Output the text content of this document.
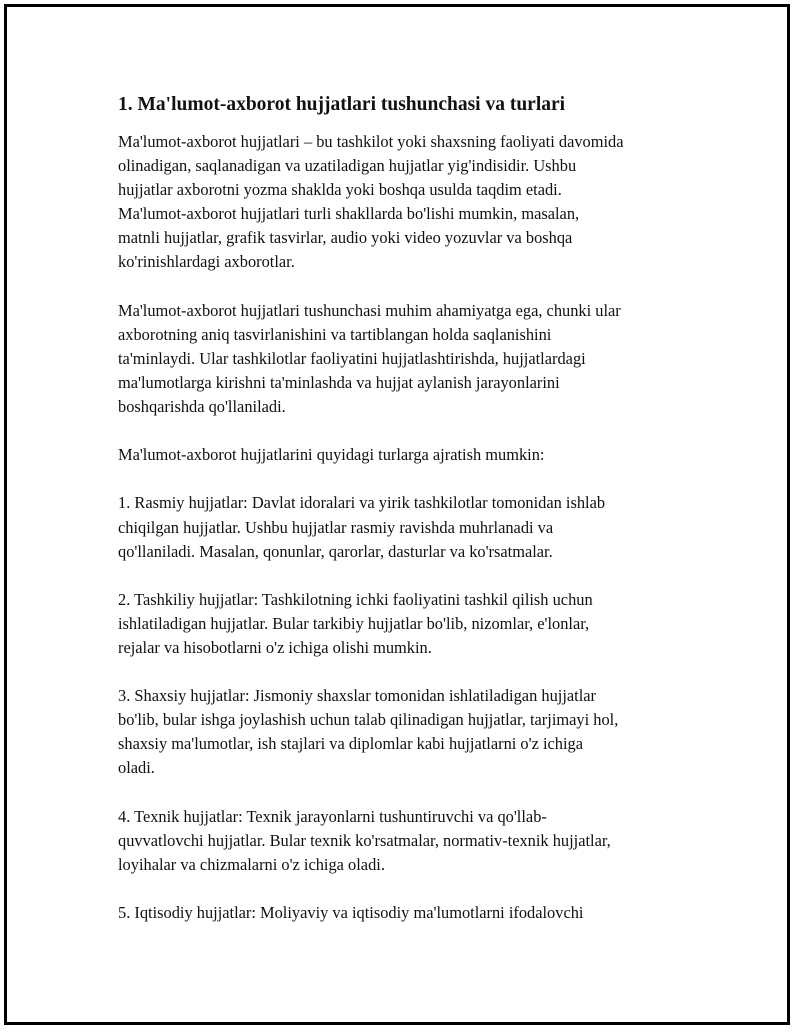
1. Ma'lumot-axborot hujjatlari tushunchasi va turlari

Ma'lumot-axborot hujjatlari – bu tashkilot yoki shaxsning faoliyati davomida
olinadigan, saqlanadigan va uzatiladigan hujjatlar yig'indisidir. Ushbu
hujjatlar axborotni yozma shaklda yoki boshqa usulda taqdim etadi.
Ma'lumot-axborot hujjatlari turli shakllarda bo'lishi mumkin, masalan,
matnli hujjatlar, grafik tasvirlar, audio yoki video yozuvlar va boshqa
ko'rinishlardagi axborotlar.

Ma'lumot-axborot hujjatlari tushunchasi muhim ahamiyatga ega, chunki ular
axborotning aniq tasvirlanishini va tartiblangan holda saqlanishini
ta'minlaydi. Ular tashkilotlar faoliyatini hujjatlashtirishda, hujjatlardagi
ma'lumotlarga kirishni ta'minlashda va hujjat aylanish jarayonlarini
boshqarishda qo'llaniladi.

Ma'lumot-axborot hujjatlarini quyidagi turlarga ajratish mumkin:

1. Rasmiy hujjatlar: Davlat idoralari va yirik tashkilotlar tomonidan ishlab
chiqilgan hujjatlar. Ushbu hujjatlar rasmiy ravishda muhrlanadi va
qo'llaniladi. Masalan, qonunlar, qarorlar, dasturlar va ko'rsatmalar.

2. Tashkiliy hujjatlar: Tashkilotning ichki faoliyatini tashkil qilish uchun
ishlatiladigan hujjatlar. Bular tarkibiy hujjatlar bo'lib, nizomlar, e'lonlar,
rejalar va hisobotlarni o'z ichiga olishi mumkin.

3. Shaxsiy hujjatlar: Jismoniy shaxslar tomonidan ishlatiladigan hujjatlar
bo'lib, bular ishga joylashish uchun talab qilinadigan hujjatlar, tarjimayi hol,
shaxsiy ma'lumotlar, ish stajlari va diplomlar kabi hujjatlarni o'z ichiga
oladi.

4. Texnik hujjatlar: Texnik jarayonlarni tushuntiruvchi va qo'llab-
quvvatlovchi hujjatlar. Bular texnik ko'rsatmalar, normativ-texnik hujjatlar,
loyihalar va chizmalarni o'z ichiga oladi.

5. Iqtisodiy hujjatlar: Moliyaviy va iqtisodiy ma'lumotlarni ifodalovchi
